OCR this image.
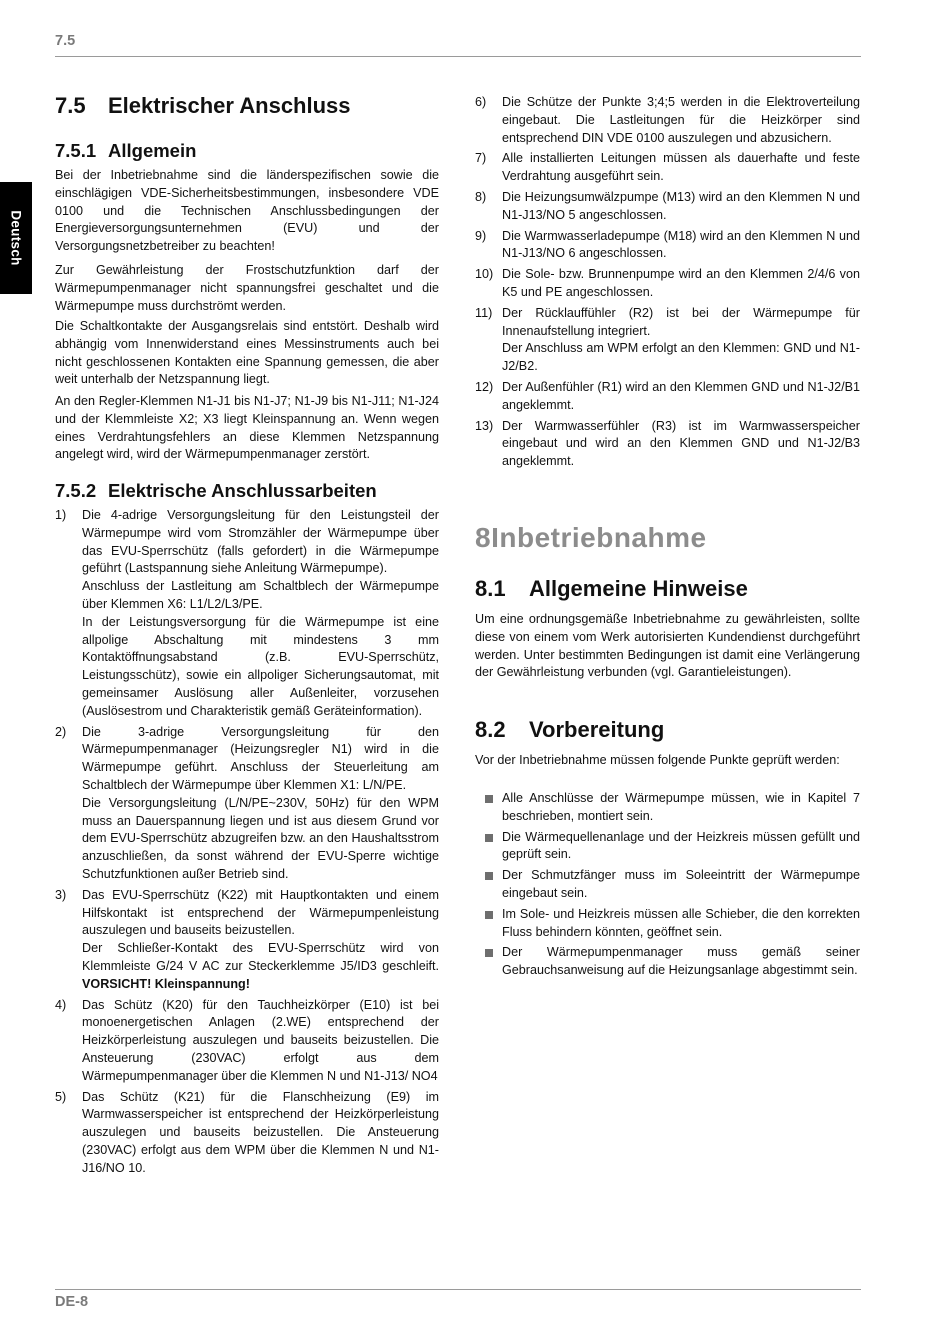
7.5
Deutsch
7.5 Elektrischer Anschluss
7.5.1 Allgemein

Bei der Inbetriebnahme sind die länderspezifischen sowie die einschlägigen VDE-Sicherheitsbestimmungen, insbesondere VDE 0100 und die Technischen Anschlussbedingungen der Energieversorgungsunternehmen (EVU) und der Versorgungsnetzbetreiber zu beachten!

Zur Gewährleistung der Frostschutzfunktion darf der Wärmepumpenmanager nicht spannungsfrei geschaltet und die Wärmepumpe muss durchströmt werden.

Die Schaltkontakte der Ausgangsrelais sind entstört. Deshalb wird abhängig vom Innenwiderstand eines Messinstruments auch bei nicht geschlossenen Kontakten eine Spannung gemessen, die aber weit unterhalb der Netzspannung liegt.

An den Regler-Klemmen N1-J1 bis N1-J7; N1-J9 bis N1-J11; N1-J24 und der Klemmleiste X2; X3 liegt Kleinspannung an. Wenn wegen eines Verdrahtungsfehlers an diese Klemmen Netzspannung angelegt wird, wird der Wärmepumpenmanager zerstört.

7.5.2 Elektrische Anschlussarbeiten
1) Die 4-adrige Versorgungsleitung für den Leistungsteil der Wärmepumpe wird vom Stromzähler der Wärmepumpe über das EVU-Sperrschütz (falls gefordert) in die Wärmepumpe geführt (Lastspannung siehe Anleitung Wärmepumpe).
Anschluss der Lastleitung am Schaltblech der Wärmepumpe über Klemmen X6: L1/L2/L3/PE.
In der Leistungsversorgung für die Wärmepumpe ist eine allpolige Abschaltung mit mindestens 3 mm Kontaktöffnungsabstand (z.B. EVU-Sperrschütz, Leistungsschütz), sowie ein allpoliger Sicherungsautomat, mit gemeinsamer Auslösung aller Außenleiter, vorzusehen (Auslösestrom und Charakteristik gemäß Geräteinformation).
2) Die 3-adrige Versorgungsleitung für den Wärmepumpenmanager (Heizungsregler N1) wird in die Wärmepumpe geführt. Anschluss der Steuerleitung am Schaltblech der Wärmepumpe über Klemmen X1: L/N/PE.
Die Versorgungsleitung (L/N/PE~230V, 50Hz) für den WPM muss an Dauerspannung liegen und ist aus diesem Grund vor dem EVU-Sperrschütz abzugreifen bzw. an den Haushaltsstrom anzuschließen, da sonst während der EVU-Sperre wichtige Schutzfunktionen außer Betrieb sind.
3) Das EVU-Sperrschütz (K22) mit Hauptkontakten und einem Hilfskontakt ist entsprechend der Wärmepumpenleistung auszulegen und bauseits beizustellen.
Der Schließer-Kontakt des EVU-Sperrschütz wird von Klemmleiste G/24 V AC zur Steckerklemme J5/ID3 geschleift. VORSICHT! Kleinspannung!
4) Das Schütz (K20) für den Tauchheizkörper (E10) ist bei monoenergetischen Anlagen (2.WE) entsprechend der Heizkörperleistung auszulegen und bauseits beizustellen. Die Ansteuerung (230VAC) erfolgt aus dem Wärmepumpenmanager über die Klemmen N und N1-J13/ NO4
5) Das Schütz (K21) für die Flanschheizung (E9) im Warmwasserspeicher ist entsprechend der Heizkörperleistung auszulegen und bauseits beizustellen. Die Ansteuerung (230VAC) erfolgt aus dem WPM über die Klemmen N und N1-J16/NO 10.
6) Die Schütze der Punkte 3;4;5 werden in die Elektroverteilung eingebaut. Die Lastleitungen für die Heizkörper sind entsprechend DIN VDE 0100 auszulegen und abzusichern.
7) Alle installierten Leitungen müssen als dauerhafte und feste Verdrahtung ausgeführt sein.
8) Die Heizungsumwälzpumpe (M13) wird an den Klemmen N und N1-J13/NO 5 angeschlossen.
9) Die Warmwasserladepumpe (M18) wird an den Klemmen N und N1-J13/NO 6 angeschlossen.
10) Die Sole- bzw. Brunnenpumpe wird an den Klemmen 2/4/6 von K5 und PE angeschlossen.
11) Der Rücklauffühler (R2) ist bei der Wärmepumpe für Innenaufstellung integriert.
Der Anschluss am WPM erfolgt an den Klemmen: GND und N1-J2/B2.
12) Der Außenfühler (R1) wird an den Klemmen GND und N1-J2/B1 angeklemmt.
13) Der Warmwasserfühler (R3) ist im Warmwasserspeicher eingebaut und wird an den Klemmen GND und N1-J2/B3 angeklemmt.
8Inbetriebnahme
8.1 Allgemeine Hinweise

Um eine ordnungsgemäße Inbetriebnahme zu gewährleisten, sollte diese von einem vom Werk autorisierten Kundendienst durchgeführt werden. Unter bestimmten Bedingungen ist damit eine Verlängerung der Gewährleistung verbunden (vgl. Garantieleistungen).

8.2 Vorbereitung

Vor der Inbetriebnahme müssen folgende Punkte geprüft werden:

Alle Anschlüsse der Wärmepumpe müssen, wie in Kapitel 7 beschrieben, montiert sein.
Die Wärmequellenanlage und der Heizkreis müssen gefüllt und geprüft sein.
Der Schmutzfänger muss im Soleeintritt der Wärmepumpe eingebaut sein.
Im Sole- und Heizkreis müssen alle Schieber, die den korrekten Fluss behindern könnten, geöffnet sein.
Der Wärmepumpenmanager muss gemäß seiner Gebrauchsanweisung auf die Heizungsanlage abgestimmt sein.
DE-8
